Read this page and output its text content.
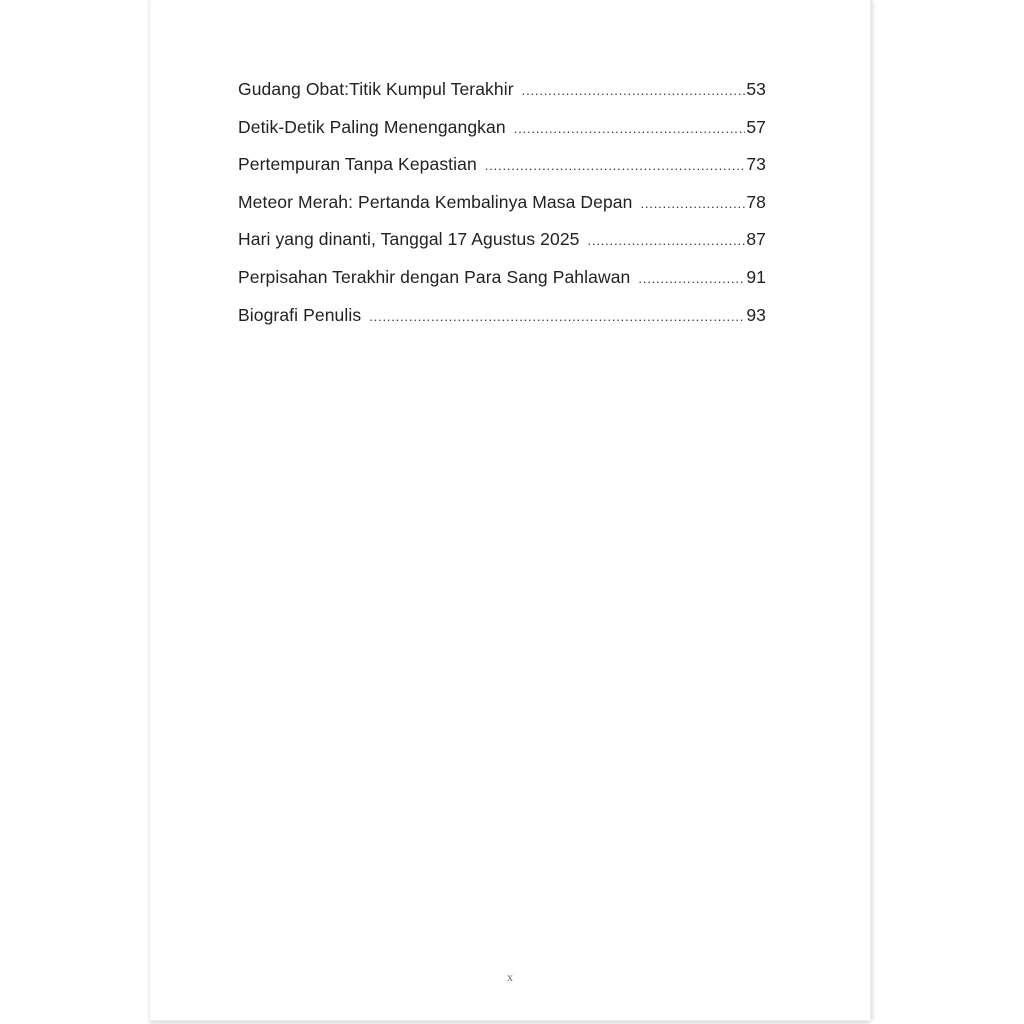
Gudang Obat:Titik Kumpul Terakhir .....	53
Detik-Detik Paling Menengangkan .....	57
Pertempuran Tanpa Kepastian .....	73
Meteor Merah: Pertanda Kembalinya Masa Depan .....	78
Hari yang dinanti, Tanggal 17 Agustus 2025 .....	87
Perpisahan Terakhir dengan Para Sang Pahlawan .....	91
Biografi Penulis .....	93
x
